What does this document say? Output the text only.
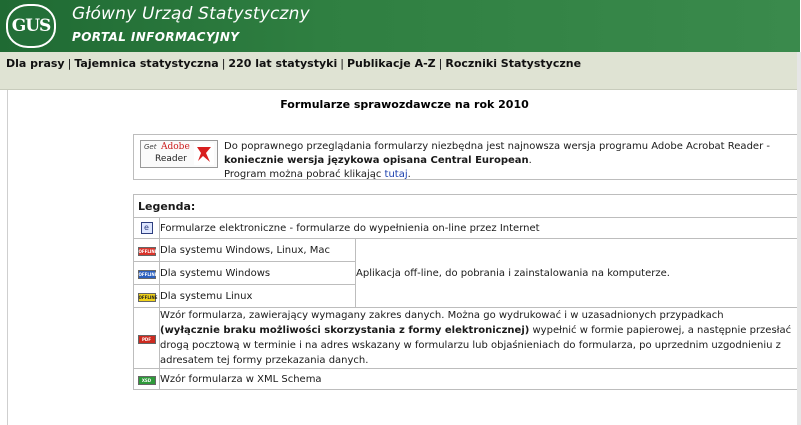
GUS
Główny Urząd Statystyczny
PORTAL INFORMACYJNY
Dla prasy | Tajemnica statystyczna | 220 lat statystyki | Publikacje A-Z | Roczniki Statystyczne
Formularze sprawozdawcze na rok 2010
Get Adobe
Reader
Do poprawnego przeglądania formularzy niezbędna jest najnowsza wersja programu Adobe Acrobat Reader -
koniecznie wersja językowa opisana Central European.
Program można pobrać klikając tutaj.
Legenda:		
e	Formularze elektroniczne - formularze do wypełnienia on-line przez Internet	
OFFLINE	Dla systemu Windows, Linux, Mac	Aplikacja off-line, do pobrania i zainstalowania na komputerze.
OFFLINE	Dla systemu Windows	
OFFLINE	Dla systemu Linux	
PDF	Wzór formularza, zawierający wymagany zakres danych. Można go wydrukować i w uzasadnionych przypadkach
(wyłącznie braku możliwości skorzystania z formy elektronicznej) wypełnić w formie papierowej, a następnie przesłać drogą pocztową w terminie i na adres wskazany w formularzu lub objaśnieniach do formularza, po uprzednim uzgodnieniu z adresatem tej formy przekazania danych.	
XSD	Wzór formularza w XML Schema	
